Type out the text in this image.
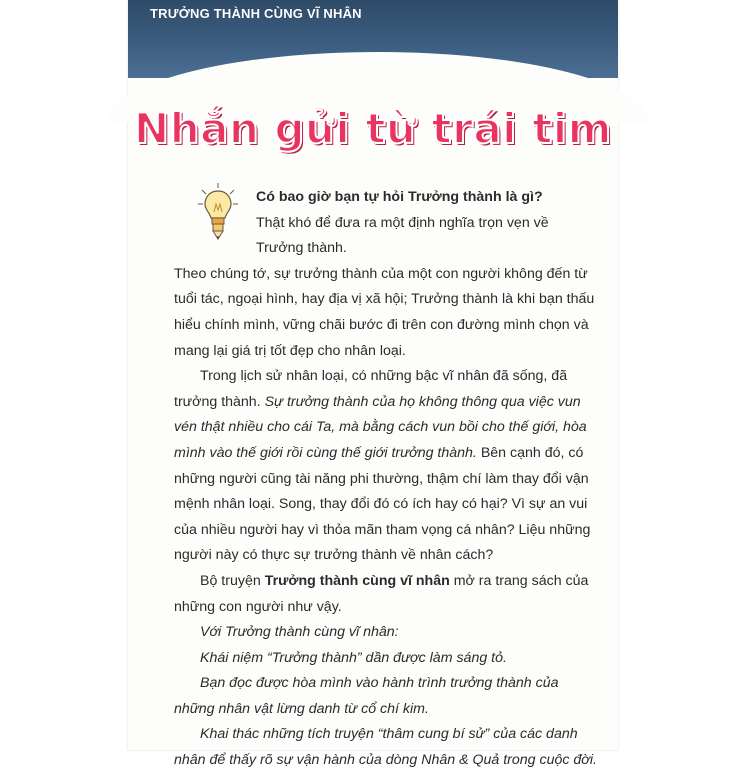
TRƯỞNG THÀNH CÙNG VĨ NHÂN
Nhắn gửi từ trái tim

Có bao giờ bạn tự hỏi Trưởng thành là gì?

Thật khó để đưa ra một định nghĩa trọn vẹn về Trưởng thành.

Theo chúng tớ, sự trưởng thành của một con người không đến từ tuổi tác, ngoại hình, hay địa vị xã hội; Trưởng thành là khi bạn thấu hiểu chính mình, vững chãi bước đi trên con đường mình chọn và mang lại giá trị tốt đẹp cho nhân loại.

Trong lịch sử nhân loại, có những bậc vĩ nhân đã sống, đã trưởng thành. Sự trưởng thành của họ không thông qua việc vun vén thật nhiều cho cái Ta, mà bằng cách vun bồi cho thế giới, hòa mình vào thế giới rồi cùng thế giới trưởng thành. Bên cạnh đó, có những người cũng tài năng phi thường, thậm chí làm thay đổi vận mệnh nhân loại. Song, thay đổi đó có ích hay có hại? Vì sự an vui của nhiều người hay vì thỏa mãn tham vọng cá nhân? Liệu những người này có thực sự trưởng thành về nhân cách?

Bộ truyện Trưởng thành cùng vĩ nhân mở ra trang sách của những con người như vậy.

Với Trưởng thành cùng vĩ nhân:

Khái niệm “Trưởng thành” dần được làm sáng tỏ.

Bạn đọc được hòa mình vào hành trình trưởng thành của những nhân vật lừng danh từ cổ chí kim.

Khai thác những tích truyện “thâm cung bí sử” của các danh nhân để thấy rõ sự vận hành của dòng Nhân & Quả trong cuộc đời.
